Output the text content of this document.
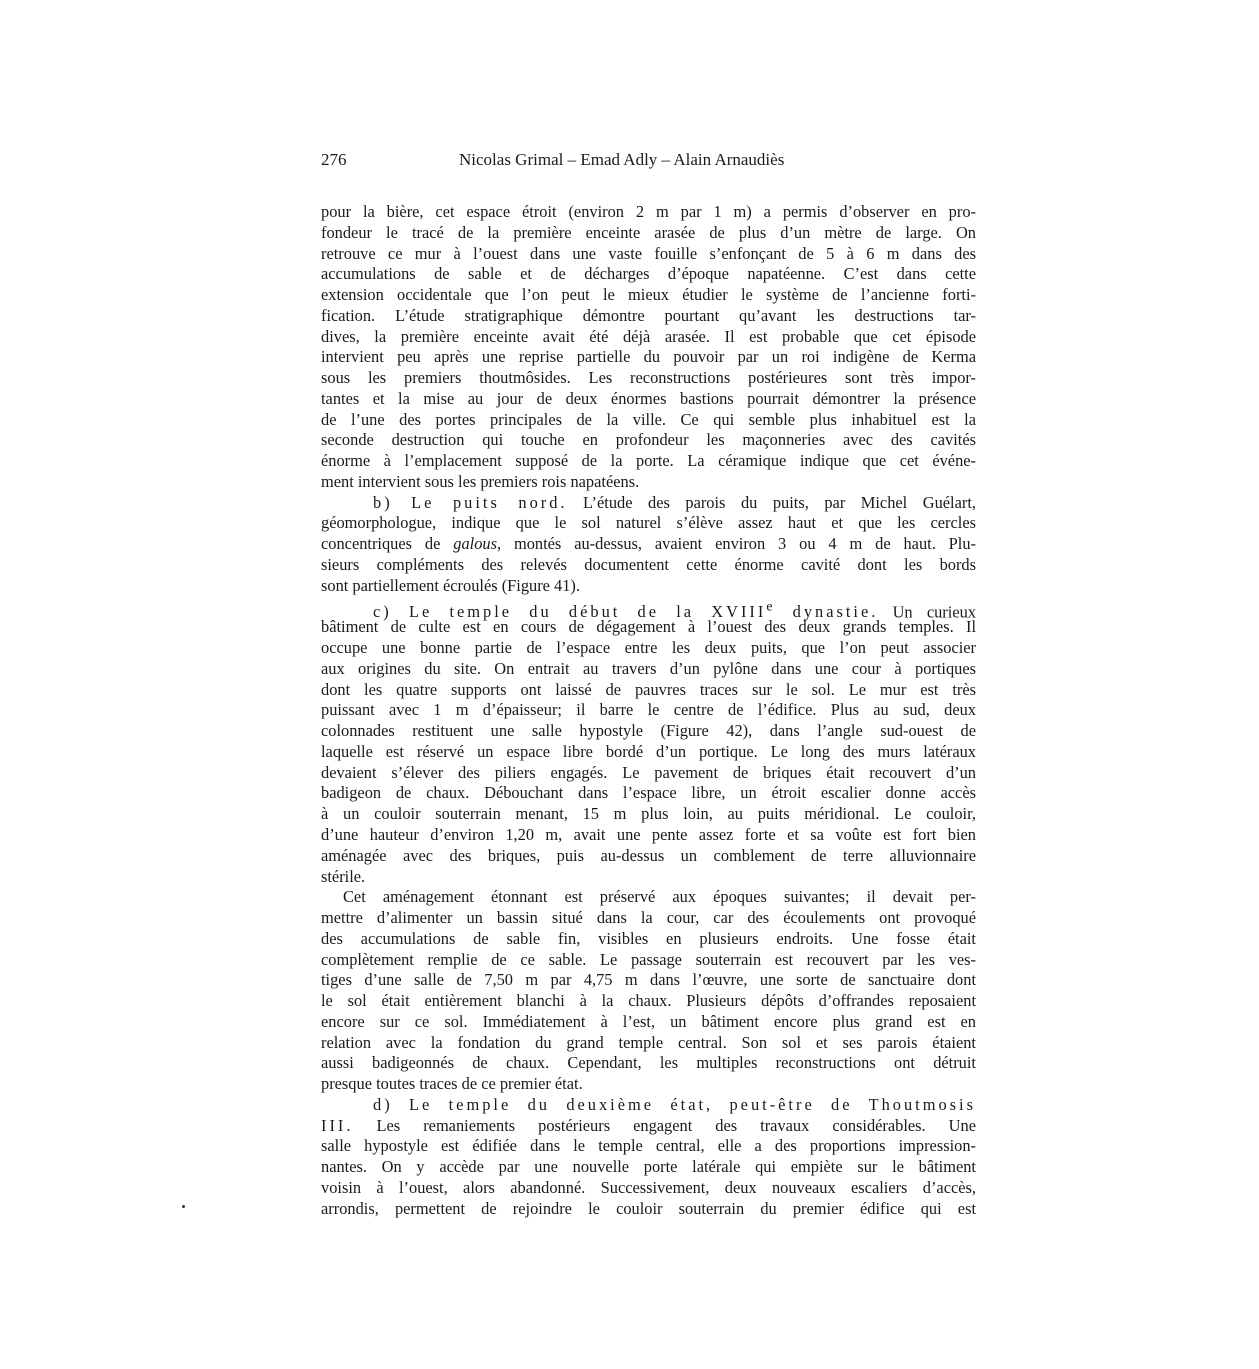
276	Nicolas Grimal – Emad Adly – Alain Arnaudiès
pour la bière, cet espace étroit (environ 2 m par 1 m) a permis d’observer en pro-
fondeur le tracé de la première enceinte arasée de plus d’un mètre de large. On
retrouve ce mur à l’ouest dans une vaste fouille s’enfonçant de 5 à 6 m dans des
accumulations de sable et de décharges d’époque napatéenne. C’est dans cette
extension occidentale que l’on peut le mieux étudier le système de l’ancienne forti-
fication. L’étude stratigraphique démontre pourtant qu’avant les destructions tar-
dives, la première enceinte avait été déjà arasée. Il est probable que cet épisode
intervient peu après une reprise partielle du pouvoir par un roi indigène de Kerma
sous les premiers thoutmôsides. Les reconstructions postérieures sont très impor-
tantes et la mise au jour de deux énormes bastions pourrait démontrer la présence
de l’une des portes principales de la ville. Ce qui semble plus inhabituel est la
seconde destruction qui touche en profondeur les maçonneries avec des cavités
énorme à l’emplacement supposé de la porte. La céramique indique que cet événe-
ment intervient sous les premiers rois napatéens.
b) Le puits nord. L’étude des parois du puits, par Michel Guélart,
géomorphologue, indique que le sol naturel s’élève assez haut et que les cercles
concentriques de galous, montés au-dessus, avaient environ 3 ou 4 m de haut. Plu-
sieurs compléments des relevés documentent cette énorme cavité dont les bords
sont partiellement écroulés (Figure 41).
c) Le temple du début de la XVIIIe dynastie. Un curieux
bâtiment de culte est en cours de dégagement à l’ouest des deux grands temples. Il
occupe une bonne partie de l’espace entre les deux puits, que l’on peut associer
aux origines du site. On entrait au travers d’un pylône dans une cour à portiques
dont les quatre supports ont laissé de pauvres traces sur le sol. Le mur est très
puissant avec 1 m d’épaisseur; il barre le centre de l’édifice. Plus au sud, deux
colonnades restituent une salle hypostyle (Figure 42), dans l’angle sud-ouest de
laquelle est réservé un espace libre bordé d’un portique. Le long des murs latéraux
devaient s’élever des piliers engagés. Le pavement de briques était recouvert d’un
badigeon de chaux. Débouchant dans l’espace libre, un étroit escalier donne accès
à un couloir souterrain menant, 15 m plus loin, au puits méridional. Le couloir,
d’une hauteur d’environ 1,20 m, avait une pente assez forte et sa voûte est fort bien
aménagée avec des briques, puis au-dessus un comblement de terre alluvionnaire
stérile.
Cet aménagement étonnant est préservé aux époques suivantes; il devait per-
mettre d’alimenter un bassin situé dans la cour, car des écoulements ont provoqué
des accumulations de sable fin, visibles en plusieurs endroits. Une fosse était
complètement remplie de ce sable. Le passage souterrain est recouvert par les ves-
tiges d’une salle de 7,50 m par 4,75 m dans l’œuvre, une sorte de sanctuaire dont
le sol était entièrement blanchi à la chaux. Plusieurs dépôts d’offrandes reposaient
encore sur ce sol. Immédiatement à l’est, un bâtiment encore plus grand est en
relation avec la fondation du grand temple central. Son sol et ses parois étaient
aussi badigeonnés de chaux. Cependant, les multiples reconstructions ont détruit
presque toutes traces de ce premier état.
d) Le temple du deuxième état, peut-être de Thoutmosis
III. Les remaniements postérieurs engagent des travaux considérables. Une
salle hypostyle est édifiée dans le temple central, elle a des proportions impression-
nantes. On y accède par une nouvelle porte latérale qui empiète sur le bâtiment
voisin à l’ouest, alors abandonné. Successivement, deux nouveaux escaliers d’accès,
arrondis, permettent de rejoindre le couloir souterrain du premier édifice qui est
